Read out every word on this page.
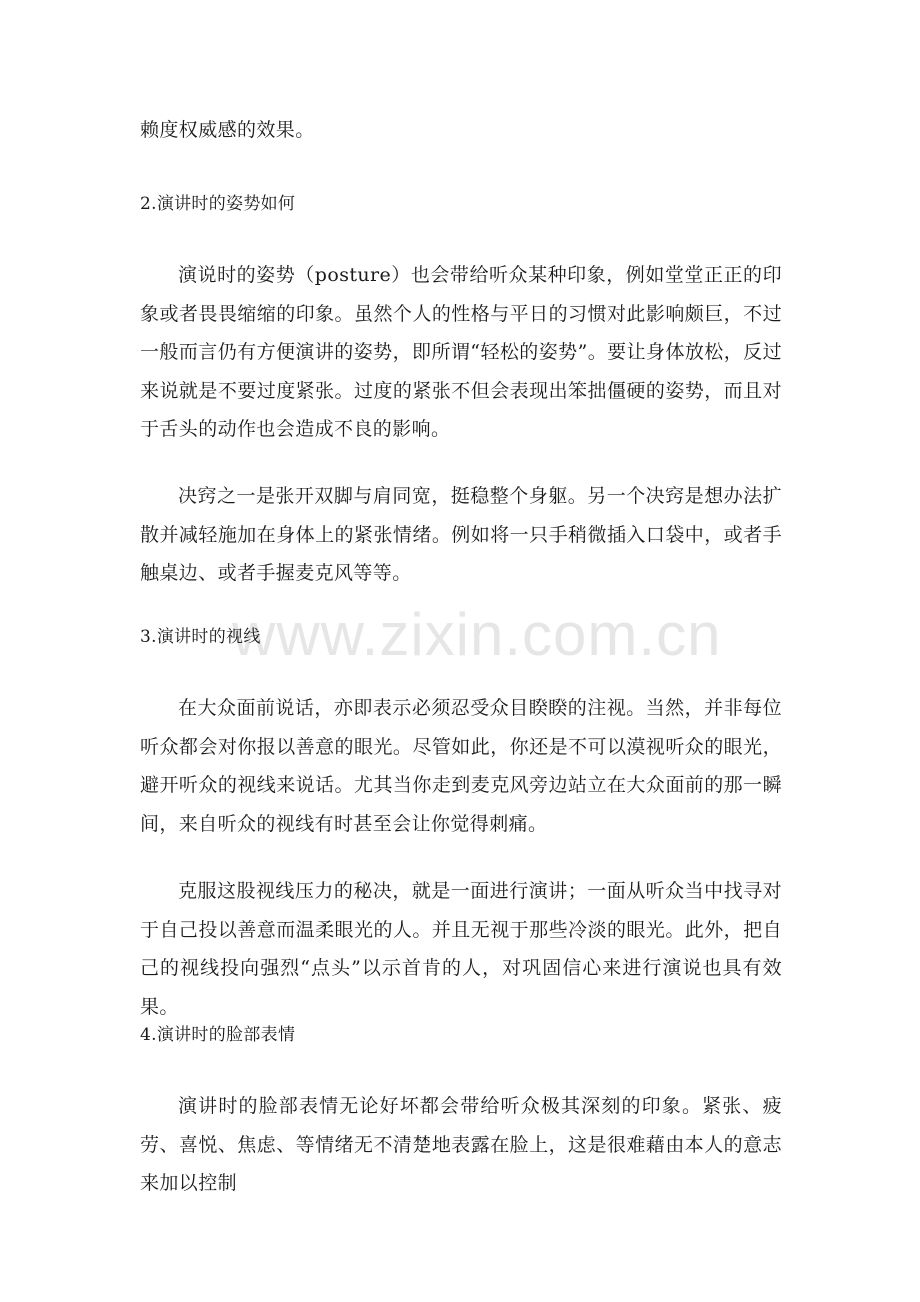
www.zixin.com.cn
赖度权威感的效果。
2.演讲时的姿势如何
演说时的姿势（posture）也会带给听众某种印象，例如堂堂正正的印象或者畏畏缩缩的印象。虽然个人的性格与平日的习惯对此影响颇巨，不过一般而言仍有方便演讲的姿势，即所谓“轻松的姿势”。要让身体放松，反过来说就是不要过度紧张。过度的紧张不但会表现出笨拙僵硬的姿势，而且对于舌头的动作也会造成不良的影响。
决窍之一是张开双脚与肩同宽，挺稳整个身躯。另一个决窍是想办法扩散并减轻施加在身体上的紧张情绪。例如将一只手稍微插入口袋中，或者手触桌边、或者手握麦克风等等。
3.演讲时的视线
在大众面前说话，亦即表示必须忍受众目睽睽的注视。当然，并非每位听众都会对你报以善意的眼光。尽管如此，你还是不可以漠视听众的眼光，避开听众的视线来说话。尤其当你走到麦克风旁边站立在大众面前的那一瞬间，来自听众的视线有时甚至会让你觉得刺痛。
克服这股视线压力的秘决，就是一面进行演讲；一面从听众当中找寻对于自己投以善意而温柔眼光的人。并且无视于那些冷淡的眼光。此外，把自己的视线投向强烈“点头”以示首肯的人，对巩固信心来进行演说也具有效果。
4.演讲时的脸部表情
演讲时的脸部表情无论好坏都会带给听众极其深刻的印象。紧张、疲劳、喜悦、焦虑、等情绪无不清楚地表露在脸上，这是很难藉由本人的意志来加以控制
